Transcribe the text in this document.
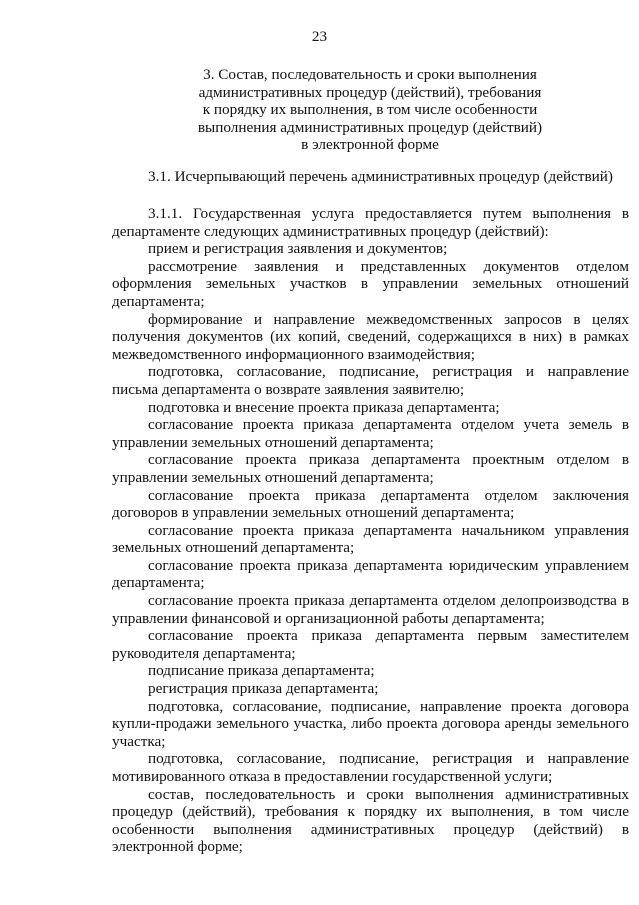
23
3. Состав, последовательность и сроки выполнения
административных процедур (действий), требования
к порядку их выполнения, в том числе особенности
выполнения административных процедур (действий)
в электронной форме
3.1. Исчерпывающий перечень административных процедур (действий)

3.1.1. Государственная услуга предоставляется путем выполнения в департаменте следующих административных процедур (действий):

прием и регистрация заявления и документов;

рассмотрение заявления и представленных документов отделом оформления земельных участков в управлении земельных отношений департамента;

формирование и направление межведомственных запросов в целях получения документов (их копий, сведений, содержащихся в них) в рамках межведомственного информационного взаимодействия;

подготовка, согласование, подписание, регистрация и направление письма департамента о возврате заявления заявителю;

подготовка и внесение проекта приказа департамента;

согласование проекта приказа департамента отделом учета земель в управлении земельных отношений департамента;

согласование проекта приказа департамента проектным отделом в управлении земельных отношений департамента;

согласование проекта приказа департамента отделом заключения договоров в управлении земельных отношений департамента;

согласование проекта приказа департамента начальником управления земельных отношений департамента;

согласование проекта приказа департамента юридическим управлением департамента;

согласование проекта приказа департамента отделом делопроизводства в управлении финансовой и организационной работы департамента;

согласование проекта приказа департамента первым заместителем руководителя департамента;

подписание приказа департамента;

регистрация приказа департамента;

подготовка, согласование, подписание, направление проекта договора купли-продажи земельного участка, либо проекта договора аренды земельного участка;

подготовка, согласование, подписание, регистрация и направление мотивированного отказа в предоставлении государственной услуги;

состав, последовательность и сроки выполнения административных процедур (действий), требования к порядку их выполнения, в том числе особенности выполнения административных процедур (действий) в электронной форме;
